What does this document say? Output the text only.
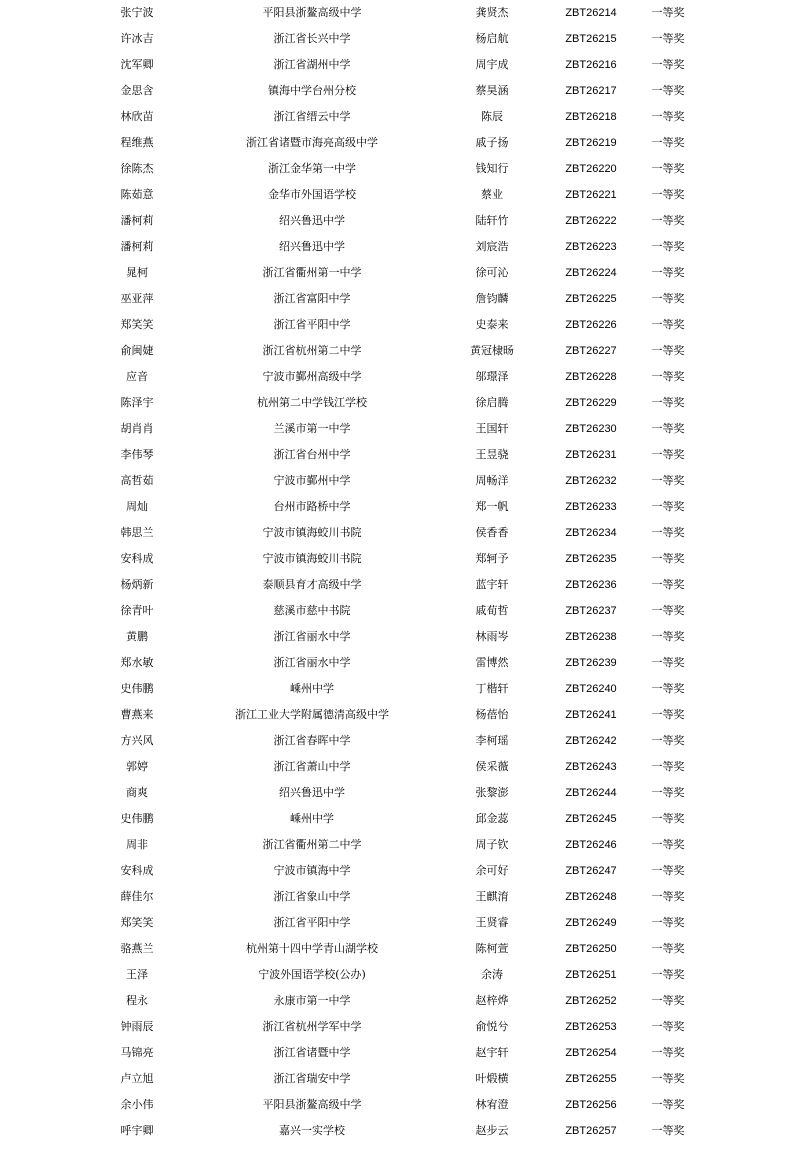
张宁波	平阳县浙鳌高级中学	龚贤杰	ZBT26214	一等奖
许冰吉	浙江省长兴中学	杨启航	ZBT26215	一等奖
沈军卿	浙江省湖州中学	周宇成	ZBT26216	一等奖
金思含	镇海中学台州分校	蔡昊涵	ZBT26217	一等奖
林欣苗	浙江省缙云中学	陈辰	ZBT26218	一等奖
程维燕	浙江省诸暨市海亮高级中学	戚子扬	ZBT26219	一等奖
徐陈杰	浙江金华第一中学	钱知行	ZBT26220	一等奖
陈茹意	金华市外国语学校	蔡业	ZBT26221	一等奖
潘柯莉	绍兴鲁迅中学	陆轩竹	ZBT26222	一等奖
潘柯莉	绍兴鲁迅中学	刘宸浩	ZBT26223	一等奖
晁柯	浙江省衢州第一中学	徐可沁	ZBT26224	一等奖
巫亚萍	浙江省富阳中学	詹钧麟	ZBT26225	一等奖
郑笑笑	浙江省平阳中学	史泰来	ZBT26226	一等奖
俞闽婕	浙江省杭州第二中学	黄冠棣旸	ZBT26227	一等奖
应音	宁波市鄞州高级中学	邬璟泽	ZBT26228	一等奖
陈泽宇	杭州第二中学钱江学校	徐启腾	ZBT26229	一等奖
胡肖肖	兰溪市第一中学	王国轩	ZBT26230	一等奖
李伟琴	浙江省台州中学	王昱骁	ZBT26231	一等奖
高哲茹	宁波市鄞州中学	周畅洋	ZBT26232	一等奖
周灿	台州市路桥中学	郑一帆	ZBT26233	一等奖
韩思兰	宁波市镇海蛟川书院	侯香香	ZBT26234	一等奖
安科成	宁波市镇海蛟川书院	郑轲予	ZBT26235	一等奖
杨炳新	泰顺县育才高级中学	蓝宇轩	ZBT26236	一等奖
徐青叶	慈溪市慈中书院	戚荀哲	ZBT26237	一等奖
黄鹏	浙江省丽水中学	林雨岑	ZBT26238	一等奖
郑水敏	浙江省丽水中学	雷博然	ZBT26239	一等奖
史伟鹏	嵊州中学	丁楷轩	ZBT26240	一等奖
曹燕来	浙江工业大学附属德清高级中学	杨蓓怡	ZBT26241	一等奖
方兴风	浙江省春晖中学	李柯瑶	ZBT26242	一等奖
郭婷	浙江省萧山中学	侯采薇	ZBT26243	一等奖
商爽	绍兴鲁迅中学	张黎澎	ZBT26244	一等奖
史伟鹏	嵊州中学	邱金蕊	ZBT26245	一等奖
周非	浙江省衢州第二中学	周子钦	ZBT26246	一等奖
安科成	宁波市镇海中学	余可好	ZBT26247	一等奖
薛佳尔	浙江省象山中学	王麒淯	ZBT26248	一等奖
郑笑笑	浙江省平阳中学	王贤睿	ZBT26249	一等奖
骆燕兰	杭州第十四中学青山湖学校	陈柯萱	ZBT26250	一等奖
王泽	宁波外国语学校(公办)	余涛	ZBT26251	一等奖
程永	永康市第一中学	赵梓烨	ZBT26252	一等奖
钟雨辰	浙江省杭州学军中学	俞悦兮	ZBT26253	一等奖
马锦亮	浙江省诸暨中学	赵宇轩	ZBT26254	一等奖
卢立旭	浙江省瑞安中学	叶煅横	ZBT26255	一等奖
余小伟	平阳县浙鳌高级中学	林宥澄	ZBT26256	一等奖
呼宇卿	嘉兴一实学校	赵步云	ZBT26257	一等奖
